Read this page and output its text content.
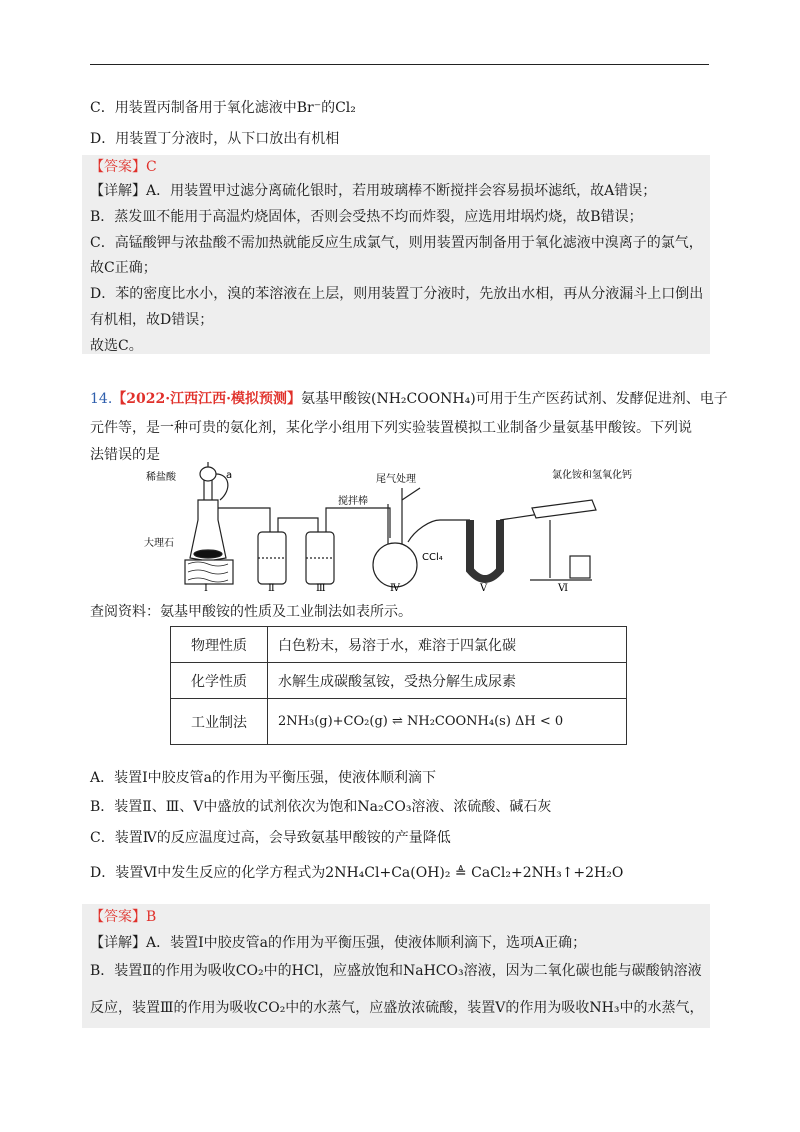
C．用装置丙制备用于氧化滤液中Br⁻的Cl₂
D．用装置丁分液时，从下口放出有机相
【答案】C
【详解】A．用装置甲过滤分离硫化银时，若用玻璃棒不断搅拌会容易损坏滤纸，故A错误；
B．蒸发皿不能用于高温灼烧固体，否则会受热不均而炸裂，应选用坩埚灼烧，故B错误；
C．高锰酸钾与浓盐酸不需加热就能反应生成氯气，则用装置丙制备用于氧化滤液中溴离子的氯气，
故C正确；
D．苯的密度比水小，溴的苯溶液在上层，则用装置丁分液时，先放出水相，再从分液漏斗上口倒出
有机相，故D错误；
故选C。
14.【2022·江西江西·模拟预测】氨基甲酸铵(NH₂COONH₄)可用于生产医药试剂、发酵促进剂、电子
元件等，是一种可贵的氨化剂，某化学小组用下列实验装置模拟工业制备少量氨基甲酸铵。下列说
法错误的是
稀盐酸	a
大理石
搅拌棒
尾气处理
CCl₄
氯化铵和氢氧化钙
Ⅰ	Ⅱ	Ⅲ	Ⅳ	Ⅴ	Ⅵ
查阅资料：氨基甲酸铵的性质及工业制法如表所示。
物理性质	白色粉末，易溶于水，难溶于四氯化碳
化学性质	水解生成碳酸氢铵，受热分解生成尿素
工业制法	2NH₃(g)+CO₂(g) ⇌ NH₂COONH₄(s) ΔH < 0
A．装置Ⅰ中胶皮管a的作用为平衡压强，使液体顺利滴下
B．装置Ⅱ、Ⅲ、Ⅴ中盛放的试剂依次为饱和Na₂CO₃溶液、浓硫酸、碱石灰
C．装置Ⅳ的反应温度过高，会导致氨基甲酸铵的产量降低
D．装置Ⅵ中发生反应的化学方程式为2NH₄Cl+Ca(OH)₂ ≜ CaCl₂+2NH₃↑+2H₂O
【答案】B
【详解】A．装置Ⅰ中胶皮管a的作用为平衡压强，使液体顺利滴下，选项A正确；
B．装置Ⅱ的作用为吸收CO₂中的HCl，应盛放饱和NaHCO₃溶液，因为二氧化碳也能与碳酸钠溶液
反应，装置Ⅲ的作用为吸收CO₂中的水蒸气，应盛放浓硫酸，装置Ⅴ的作用为吸收NH₃中的水蒸气，
